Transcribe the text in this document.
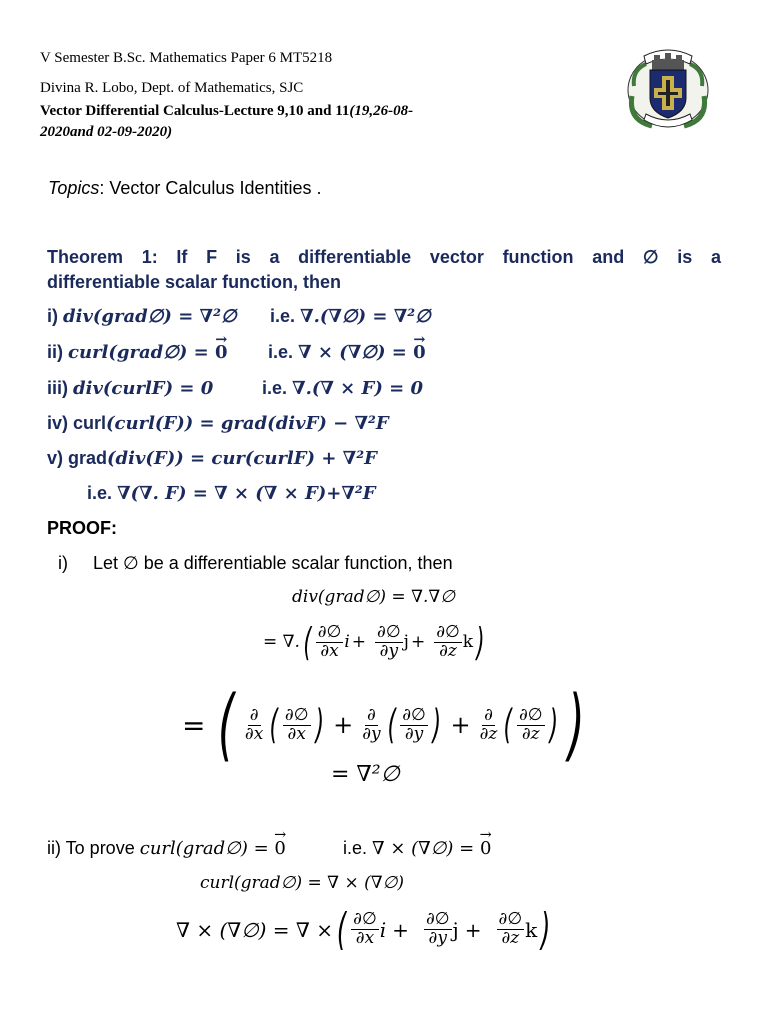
V Semester B.Sc. Mathematics Paper 6 MT5218
Divina R. Lobo, Dept. of Mathematics, SJC
Vector Differential Calculus-Lecture 9,10 and 11(19,26-08-
2020and 02-09-2020)
Topics: Vector Calculus Identities .
Theorem 1: If F is a differentiable vector function and ∅ is a
differentiable scalar function, then
i) div(grad∅) = ∇²∅ i.e. ∇.(∇∅) = ∇²∅
ii) curl(grad∅) = → 0 i.e. ∇ × (∇∅) = → 0
iii) div(curlF) = 0	i.e. ∇.(∇ × F) = 0
iv) curl(curl(F)) = grad(divF) − ∇²F
v) grad(div(F)) = cur(curlF) + ∇²F
i.e. ∇(∇. F) = ∇ × (∇ × F)+∇²F
PROOF:
i) Let ∅ be a differentiable scalar function, then
div(grad∅) = ∇.∇∅
= ∇. ( $\frac{\partial\emptyset}{\partial x}$ $i + \frac{\partial\emptyset}{\partial y}$ $j + \frac{\partial\emptyset}{\partial z}$ k )
= ( $\frac{\partial}{\partial x}$ ( $\frac{\partial\emptyset}{\partial x}$ ) + $\frac{\partial}{\partial y}$ ( $\frac{\partial\emptyset}{\partial y}$ ) + $\frac{\partial}{\partial z}$ ( $\frac{\partial\emptyset}{\partial z}$ ) )
= ∇²∅
ii) To prove curl(grad∅) = → 0	i.e. ∇ × (∇∅) = → 0
curl(grad∅) = ∇ × (∇∅)
∇ × (∇∅) = ∇ × ( $\frac{\partial\emptyset}{\partial x}$ $i + \frac{\partial\emptyset}{\partial y}$ $j + \frac{\partial\emptyset}{\partial z}$ k )
